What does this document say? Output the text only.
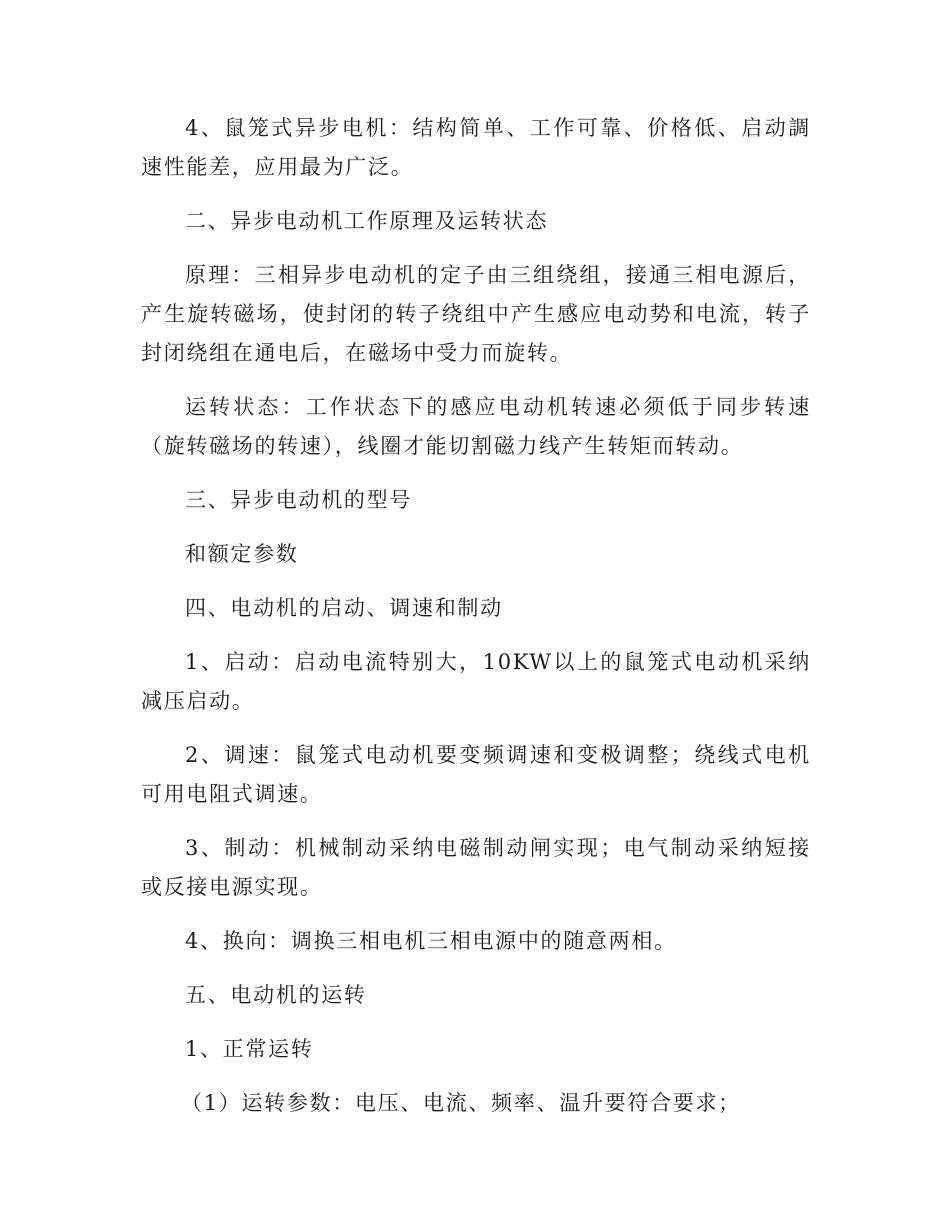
4、鼠笼式异步电机：结构简单、工作可靠、价格低、启动調速性能差，应用最为广泛。

二、异步电动机工作原理及运转状态

原理：三相异步电动机的定子由三组绕组，接通三相电源后，产生旋转磁场，使封闭的转子绕组中产生感应电动势和电流，转子封闭绕组在通电后，在磁场中受力而旋转。

运转状态：工作状态下的感应电动机转速必须低于同步转速（旋转磁场的转速），线圈才能切割磁力线产生转矩而转动。

三、异步电动机的型号

和额定参数

四、电动机的启动、调速和制动

1、启动：启动电流特别大，10KW以上的鼠笼式电动机采纳减压启动。

2、调速：鼠笼式电动机要变频调速和变极调整；绕线式电机可用电阻式调速。

3、制动：机械制动采纳电磁制动闸实现；电气制动采纳短接或反接电源实现。

4、换向：调换三相电机三相电源中的随意两相。

五、电动机的运转

1、正常运转

（1）运转参数：电压、电流、频率、温升要符合要求；
